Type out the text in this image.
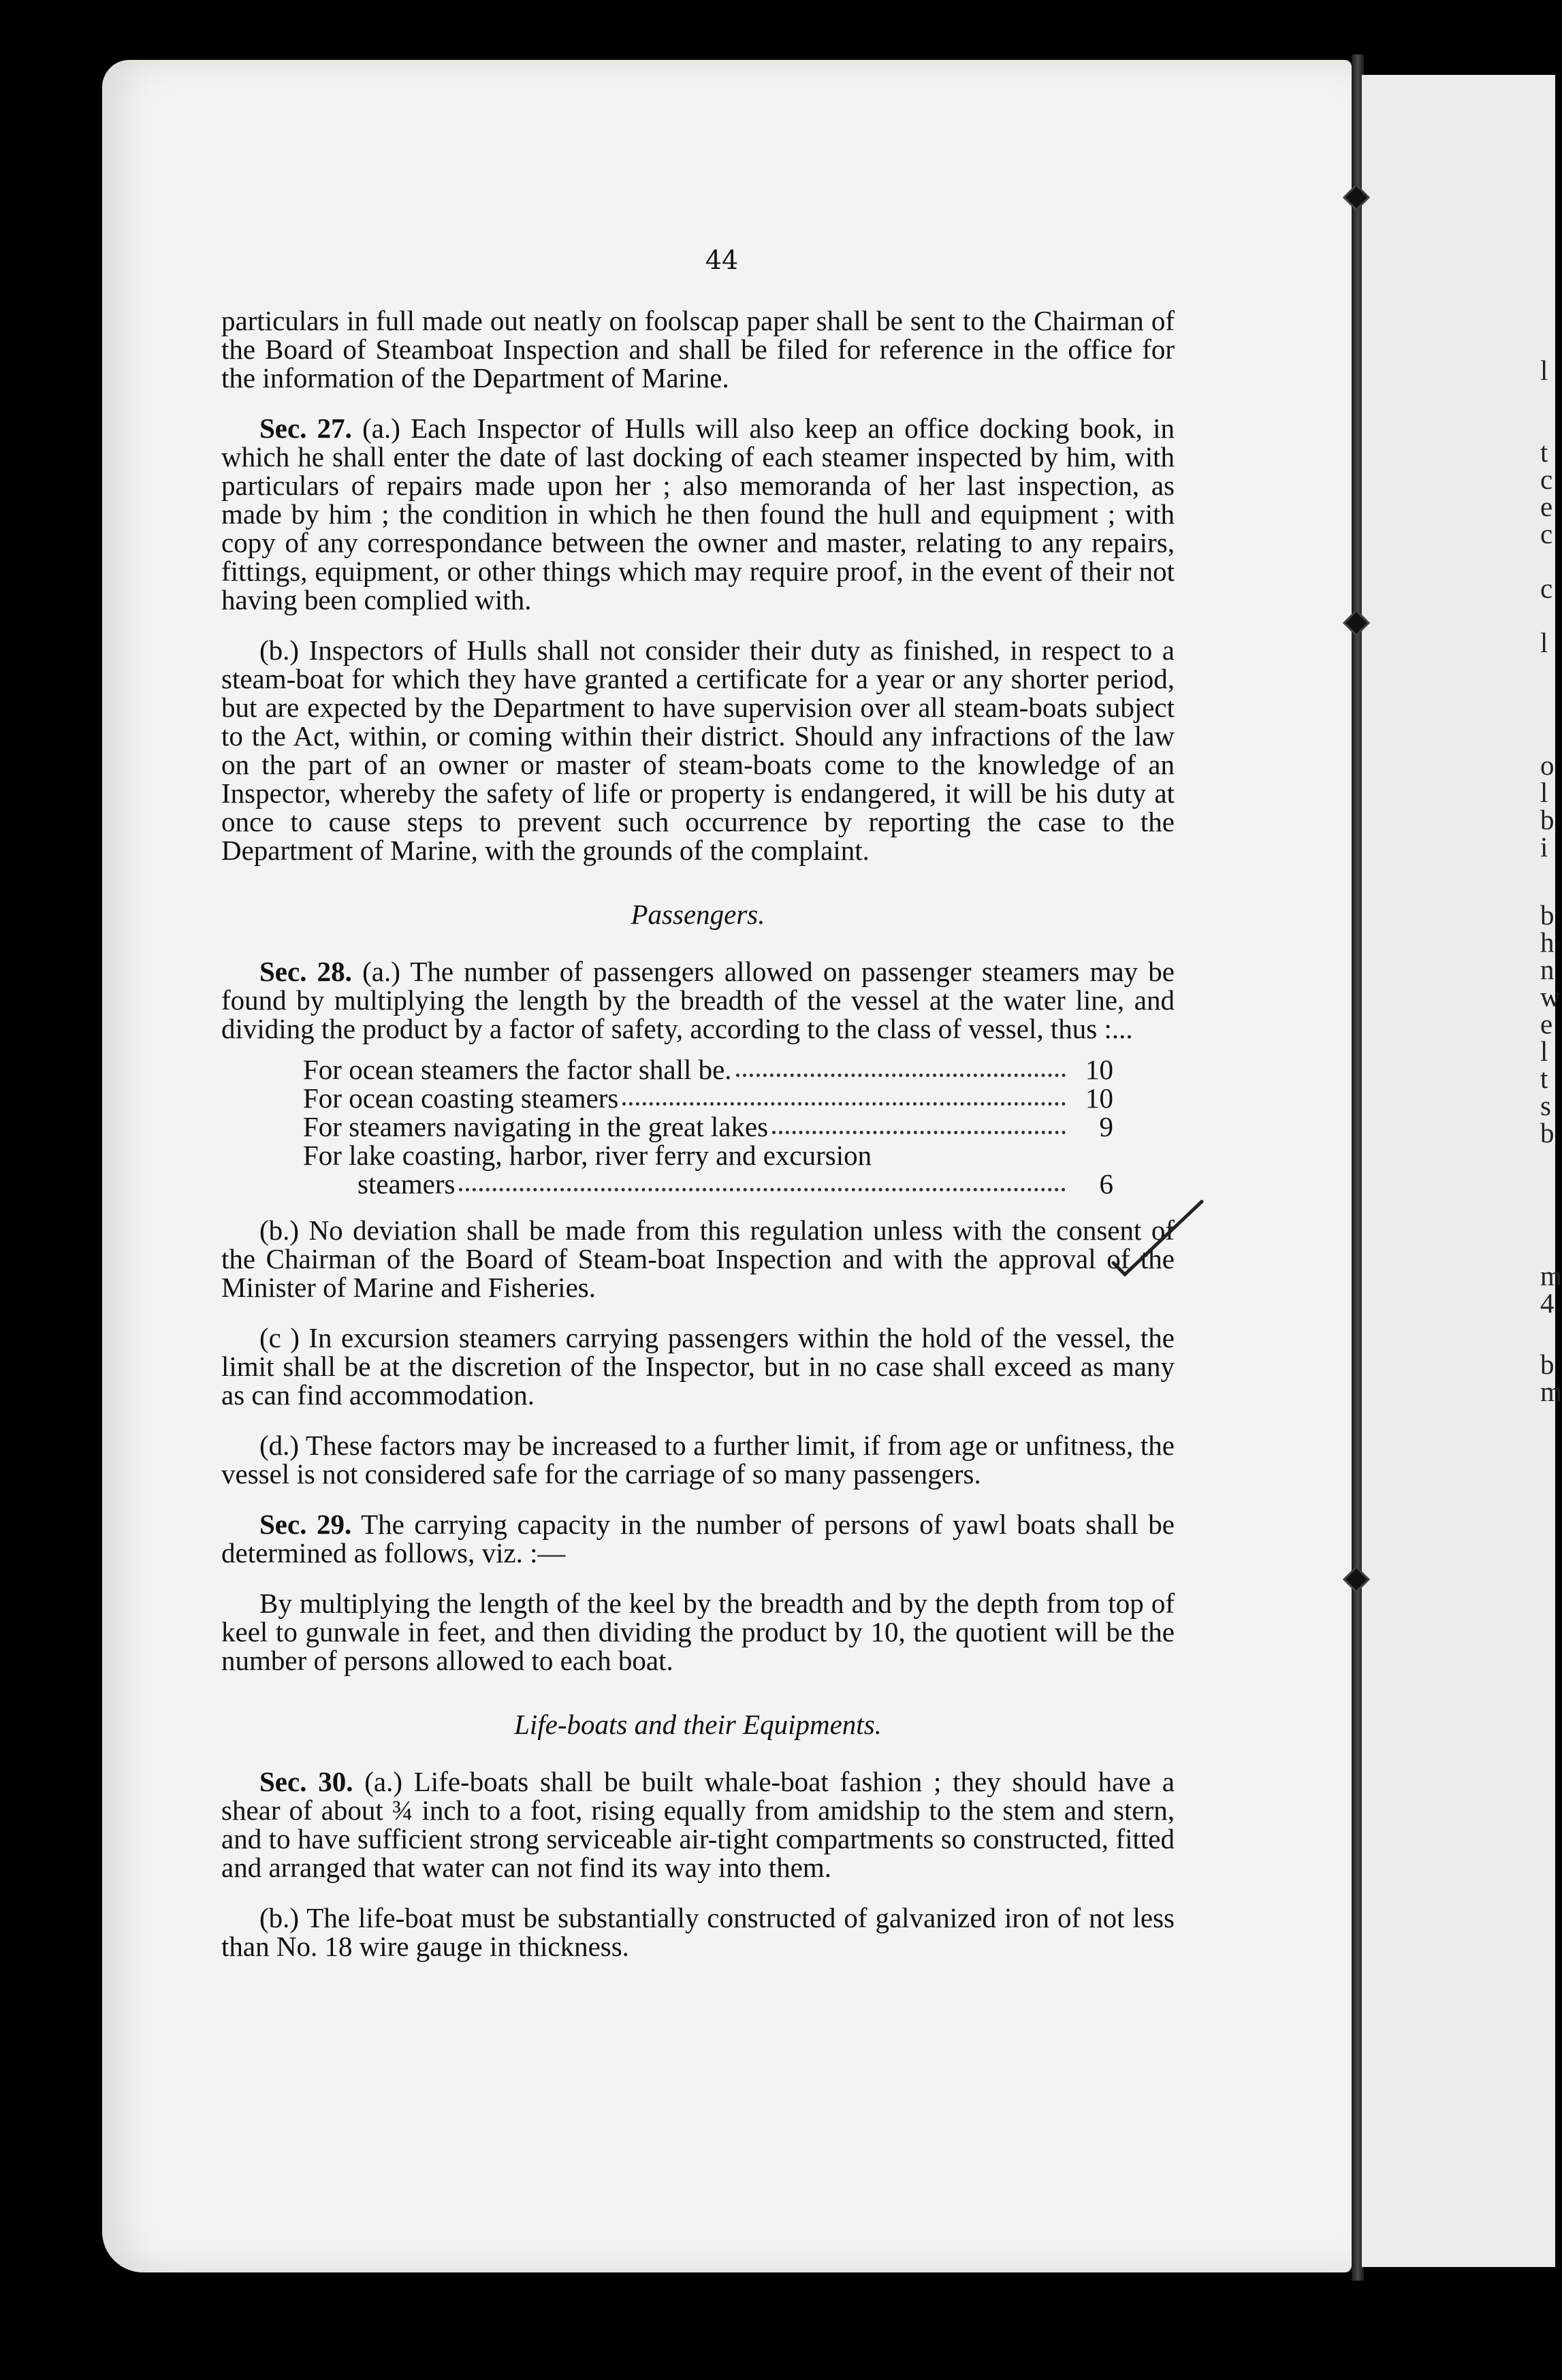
44

particulars in full made out neatly on foolscap paper shall be sent to the Chairman of the Board of Steamboat Inspection and shall be filed for reference in the office for the information of the Department of Marine.

Sec. 27. (a.) Each Inspector of Hulls will also keep an office docking book, in which he shall enter the date of last docking of each steamer inspected by him, with particulars of repairs made upon her ; also memoranda of her last inspection, as made by him ; the condition in which he then found the hull and equipment ; with copy of any correspondance between the owner and master, relating to any repairs, fittings, equipment, or other things which may require proof, in the event of their not having been complied with.

(b.) Inspectors of Hulls shall not consider their duty as finished, in respect to a steam-boat for which they have granted a certificate for a year or any shorter period, but are expected by the Department to have supervision over all steam-boats subject to the Act, within, or coming within their district. Should any infractions of the law on the part of an owner or master of steam-boats come to the knowledge of an Inspector, whereby the safety of life or property is endangered, it will be his duty at once to cause steps to prevent such occurrence by reporting the case to the Department of Marine, with the grounds of the complaint.

Passengers.

Sec. 28. (a.) The number of passengers allowed on passenger steamers may be found by multiplying the length by the breadth of the vessel at the water line, and dividing the product by a factor of safety, according to the class of vessel, thus :...

For ocean steamers the factor shall be.	10
For ocean coasting steamers	10
For steamers navigating in the great lakes	9
For lake coasting, harbor, river ferry and excursion
steamers	6

(b.) No deviation shall be made from this regulation unless with the consent of the Chairman of the Board of Steam-boat Inspection and with the approval of the Minister of Marine and Fisheries.

(c ) In excursion steamers carrying passengers within the hold of the vessel, the limit shall be at the discretion of the Inspector, but in no case shall exceed as many as can find accommodation.

(d.) These factors may be increased to a further limit, if from age or unfitness, the vessel is not considered safe for the carriage of so many passengers.

Sec. 29. The carrying capacity in the number of persons of yawl boats shall be determined as follows, viz. :—

By multiplying the length of the keel by the breadth and by the depth from top of keel to gunwale in feet, and then dividing the product by 10, the quotient will be the number of persons allowed to each boat.

Life-boats and their Equipments.

Sec. 30. (a.) Life-boats shall be built whale-boat fashion ; they should have a shear of about ¾ inch to a foot, rising equally from amidship to the stem and stern, and to have sufficient strong serviceable air-tight compartments so constructed, fitted and arranged that water can not find its way into them.

(b.) The life-boat must be substantially constructed of galvanized iron of not less than No. 18 wire gauge in thickness.

l
t
c
e
c
c
l
o
l
b
i
b
h
n
w
e
l
t
s
b
m
4
b
m
